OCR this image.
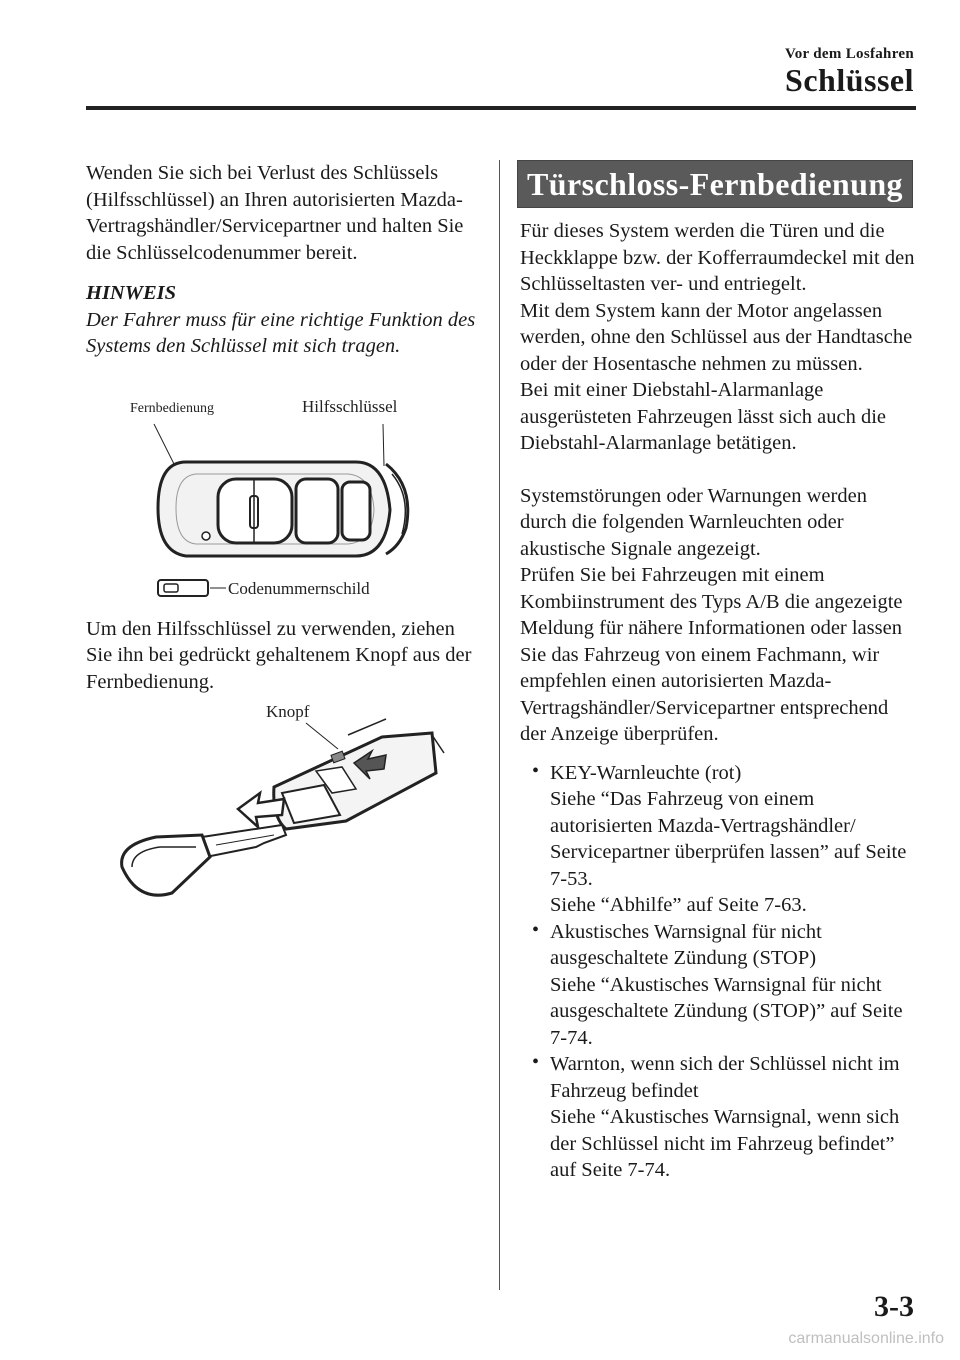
Vor dem Losfahren
Schlüssel

Wenden Sie sich bei Verlust des Schlüssels (Hilfsschlüssel) an Ihren autorisierten Mazda-Vertragshändler/Servicepartner und halten Sie die Schlüsselcodenummer bereit.

HINWEIS
Der Fahrer muss für eine richtige Funktion des Systems den Schlüssel mit sich tragen.
Fernbedienung	Hilfsschlüssel
Codenummernschild

Um den Hilfsschlüssel zu verwenden, ziehen Sie ihn bei gedrückt gehaltenem Knopf aus der Fernbedienung.

Knopf
Türschloss-Fernbedienung

Für dieses System werden die Türen und die Heckklappe bzw. der Kofferraumdeckel mit den Schlüsseltasten ver- und entriegelt.

Mit dem System kann der Motor angelassen werden, ohne den Schlüssel aus der Handtasche oder der Hosentasche nehmen zu müssen.

Bei mit einer Diebstahl-Alarmanlage ausgerüsteten Fahrzeugen lässt sich auch die Diebstahl-Alarmanlage betätigen.

Systemstörungen oder Warnungen werden durch die folgenden Warnleuchten oder akustische Signale angezeigt.

Prüfen Sie bei Fahrzeugen mit einem Kombiinstrument des Typs A/B die angezeigte Meldung für nähere Informationen oder lassen Sie das Fahrzeug von einem Fachmann, wir empfehlen einen autorisierten Mazda-Vertragshändler/Servicepartner entsprechend der Anzeige überprüfen.

• KEY-Warnleuchte (rot)

Siehe “Das Fahrzeug von einem autorisierten Mazda-Vertragshändler/ Servicepartner überprüfen lassen” auf Seite 7-53.

Siehe “Abhilfe” auf Seite 7-63.

• Akustisches Warnsignal für nicht ausgeschaltete Zündung (STOP)

Siehe “Akustisches Warnsignal für nicht ausgeschaltete Zündung (STOP)” auf Seite 7-74.

• Warnton, wenn sich der Schlüssel nicht im Fahrzeug befindet

Siehe “Akustisches Warnsignal, wenn sich der Schlüssel nicht im Fahrzeug befindet” auf Seite 7-74.

3-3
carmanualsonline.info
